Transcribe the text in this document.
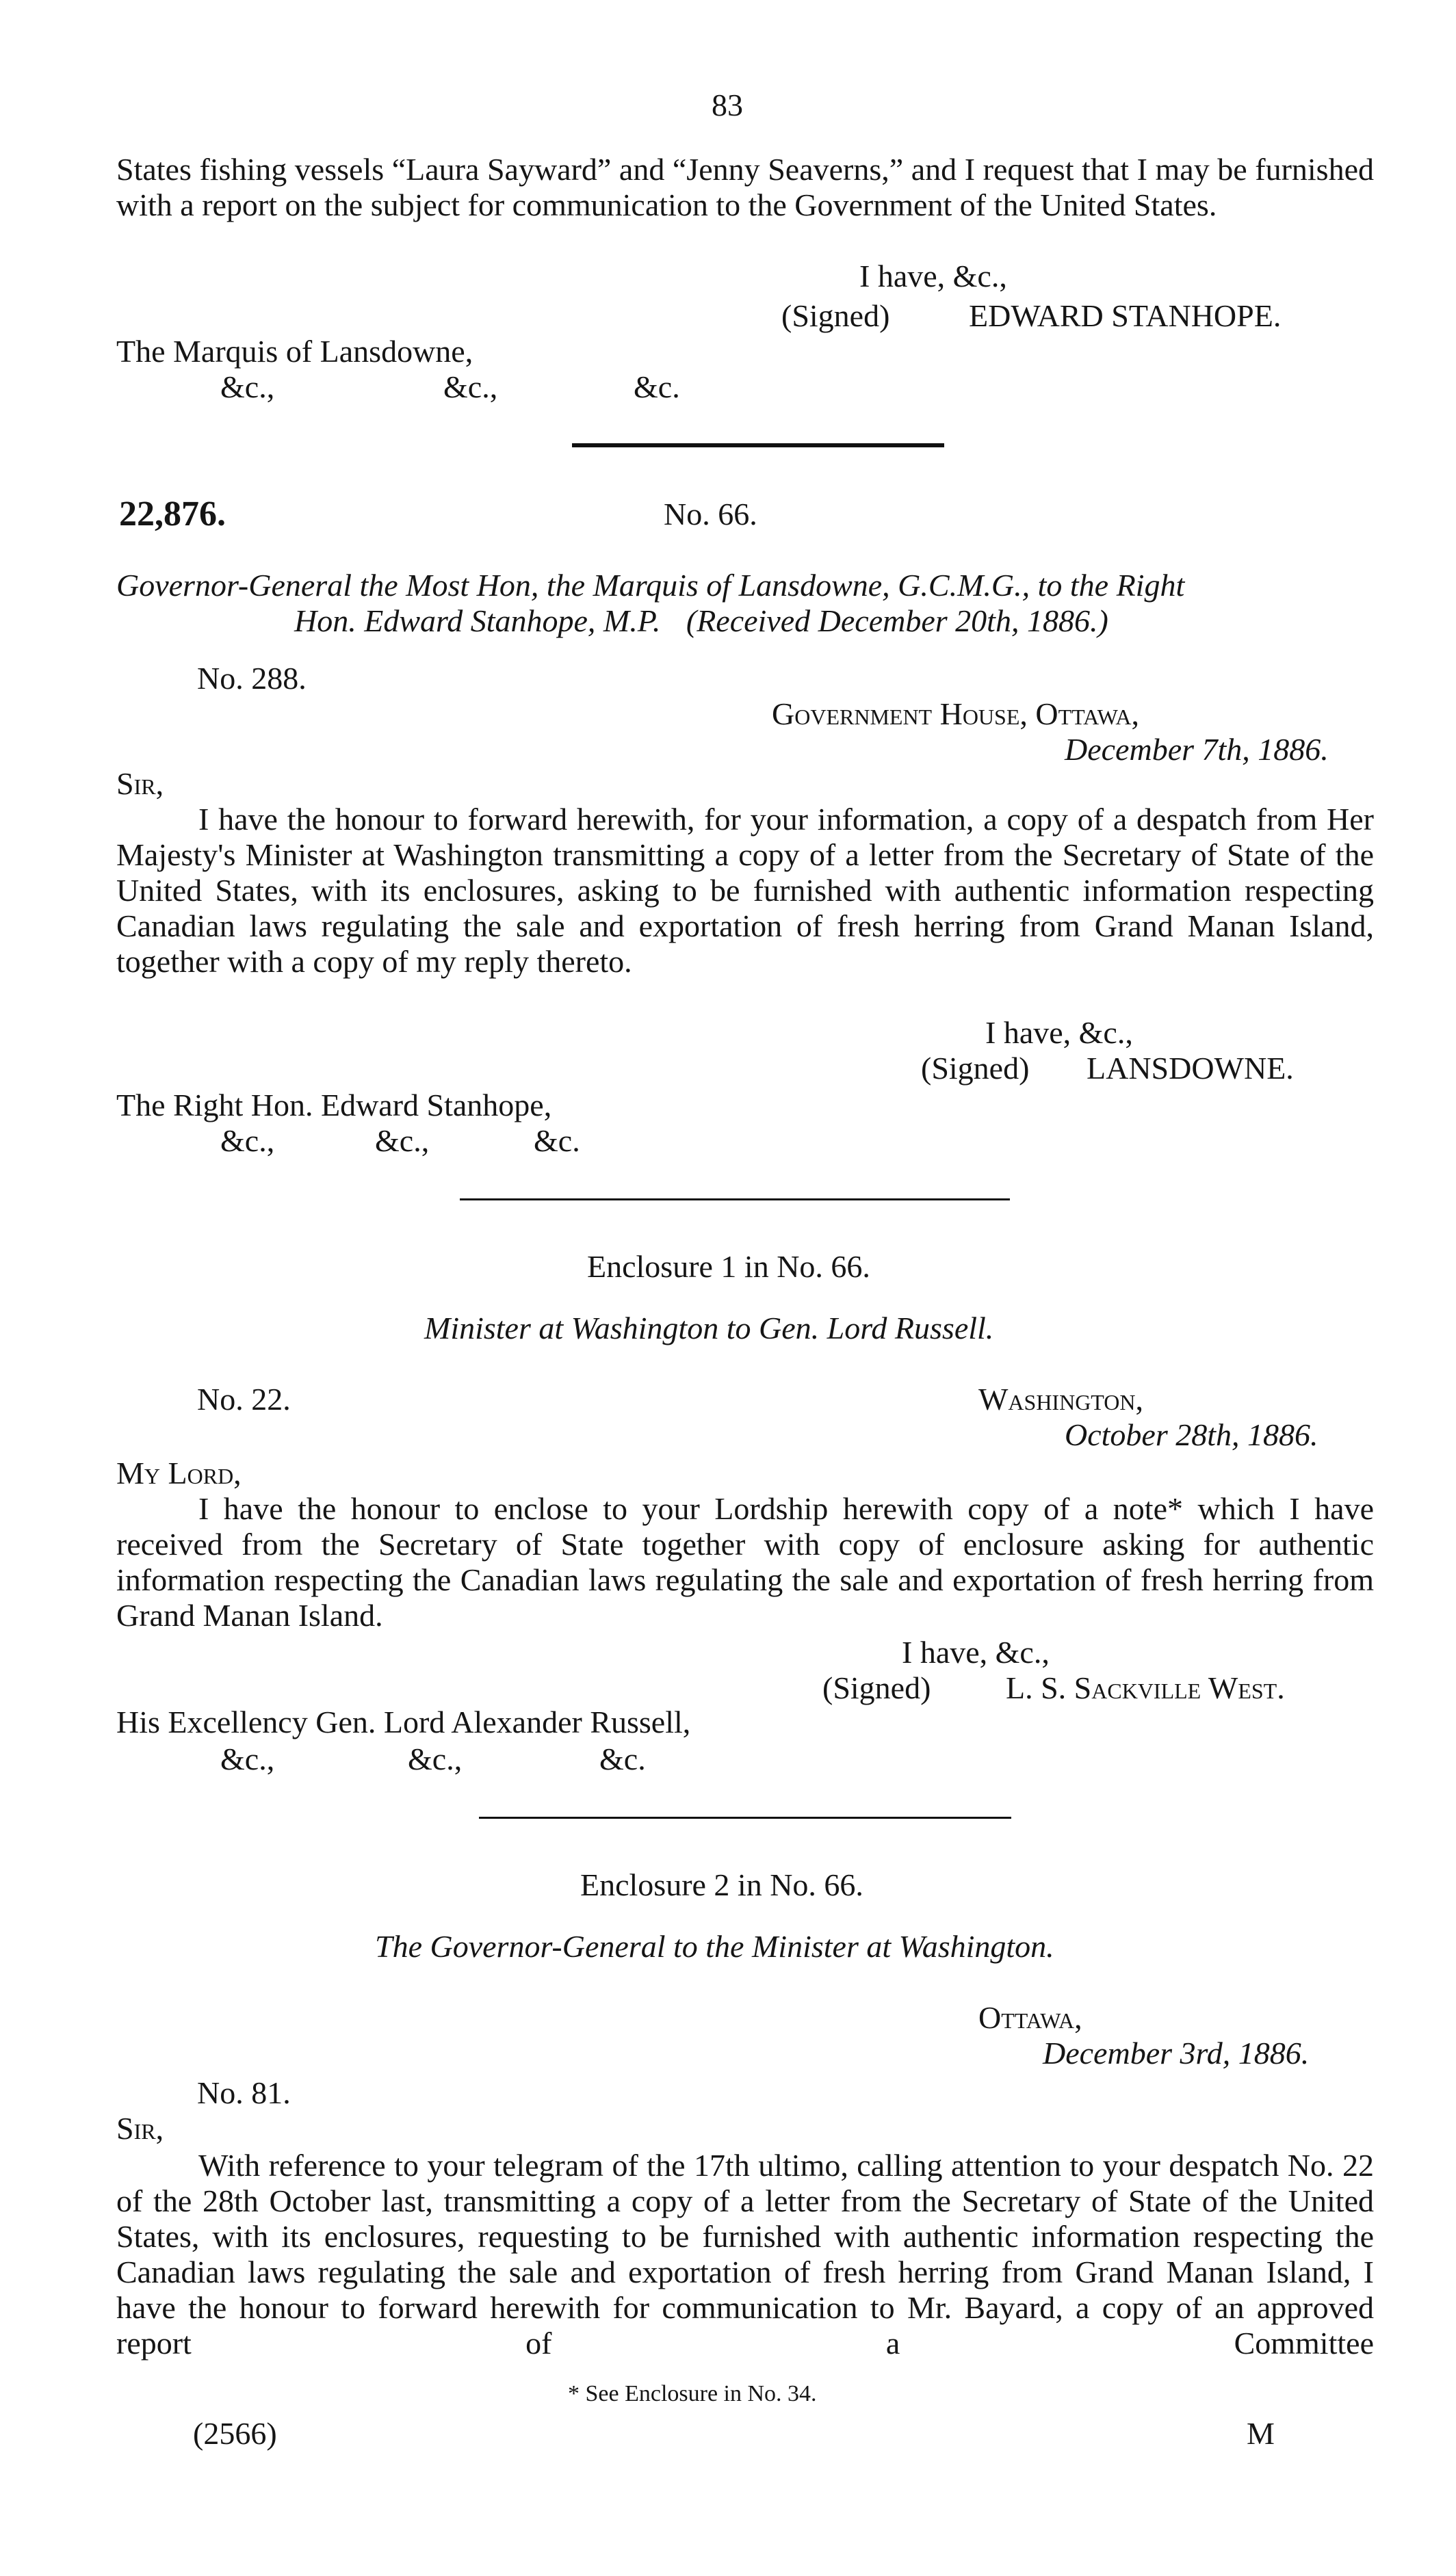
83
States fishing vessels “Laura Sayward” and “Jenny Seaverns,” and I request that I may be furnished with a report on the subject for communication to the Government of the United States.
I have, &c.,
(Signed)	EDWARD STANHOPE.
The Marquis of Lansdowne,
&c.,	&c.,	&c.
22,876.	No. 66.
Governor-General the Most Hon, the Marquis of Lansdowne, G.C.M.G., to the Right
Hon. Edward Stanhope, M.P. (Received December 20th, 1886.)
No. 288.
Government House, Ottawa,
December 7th, 1886.
Sir,
I have the honour to forward herewith, for your information, a copy of a despatch from Her Majesty's Minister at Washington transmitting a copy of a letter from the Secretary of State of the United States, with its enclosures, asking to be furnished with authentic information respecting Canadian laws regulating the sale and exportation of fresh herring from Grand Manan Island, together with a copy of my reply thereto.
I have, &c.,
(Signed) LANSDOWNE.
The Right Hon. Edward Stanhope,
&c.,	&c.,	&c.
Enclosure 1 in No. 66.
Minister at Washington to Gen. Lord Russell.
No. 22.	Washington,
October 28th, 1886.
My Lord,
I have the honour to enclose to your Lordship herewith copy of a note* which I have received from the Secretary of State together with copy of enclosure asking for authentic information respecting the Canadian laws regulating the sale and exportation of fresh herring from Grand Manan Island.
I have, &c.,
(Signed) L. S. Sackville West.
His Excellency Gen. Lord Alexander Russell,
&c.,	&c.,	&c.
Enclosure 2 in No. 66.
The Governor-General to the Minister at Washington.
Ottawa,
December 3rd, 1886.
No. 81.
Sir,
With reference to your telegram of the 17th ultimo, calling attention to your despatch No. 22 of the 28th October last, transmitting a copy of a letter from the Secretary of State of the United States, with its enclosures, requesting to be furnished with authentic information respecting the Canadian laws regulating the sale and exportation of fresh herring from Grand Manan Island, I have the honour to forward herewith for communication to Mr. Bayard, a copy of an approved report of a Committee
* See Enclosure in No. 34.
(2566)	M
